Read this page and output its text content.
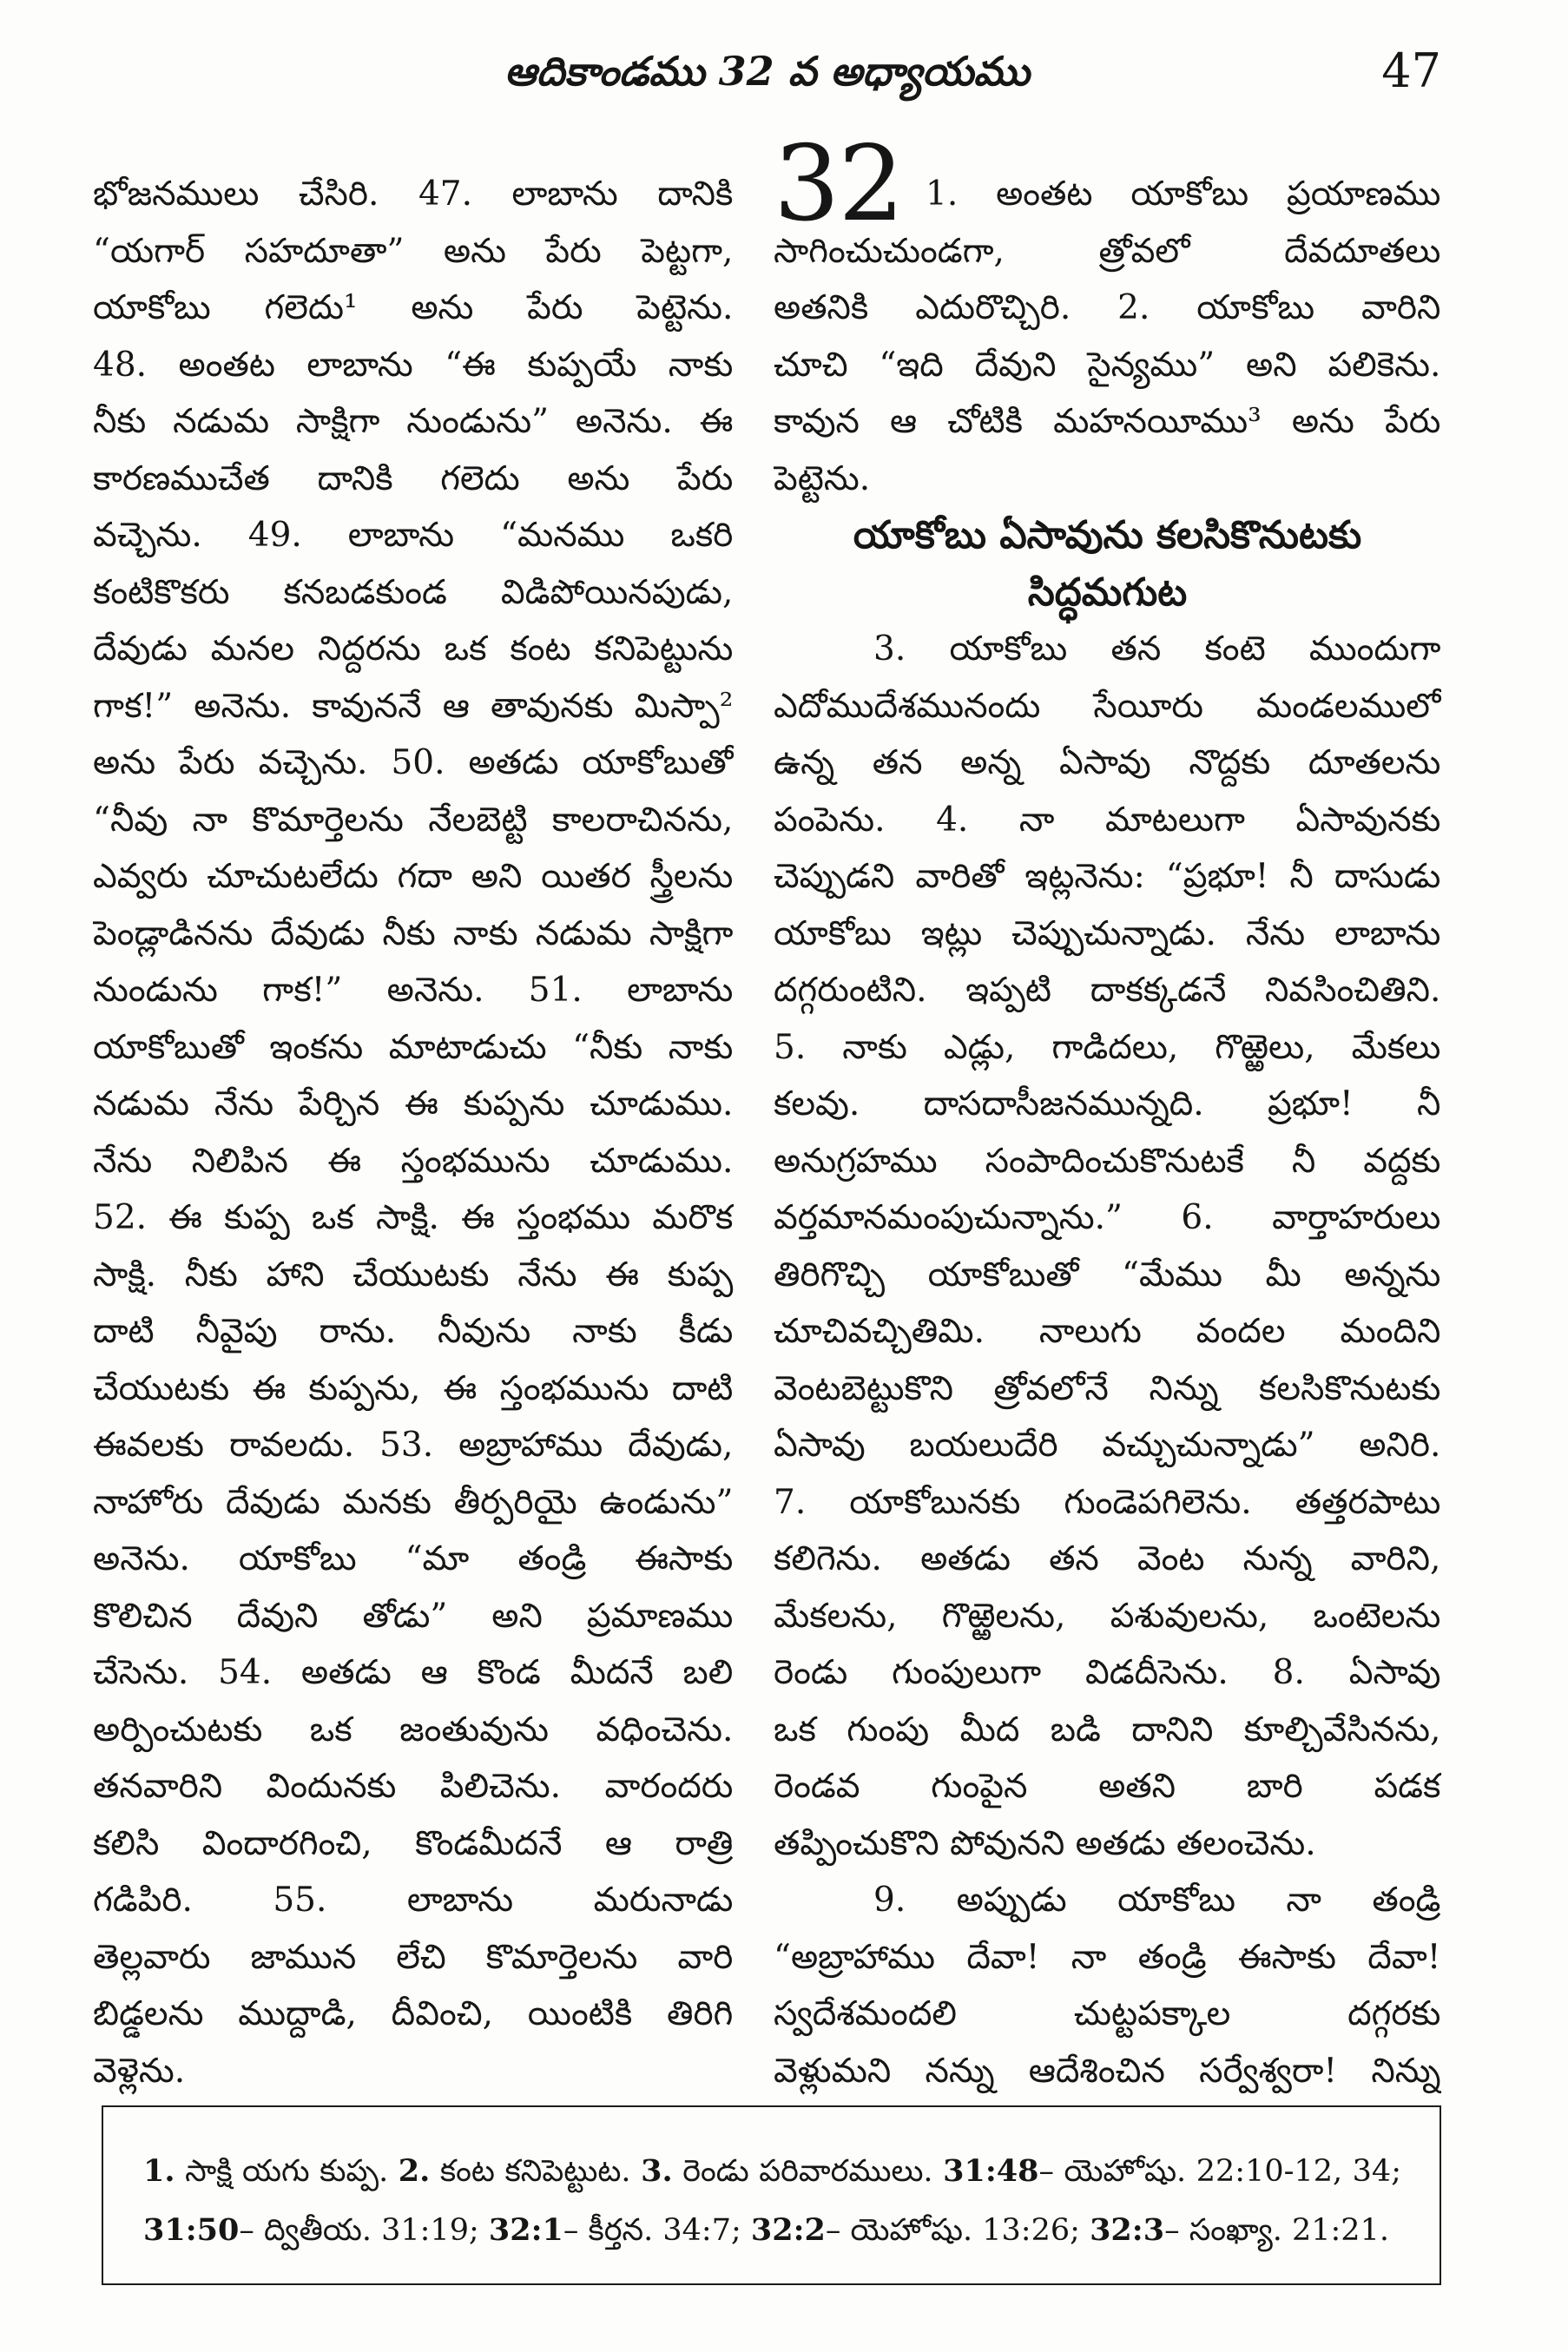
ఆదికాండము 32 వ అధ్యాయము	47
భోజనములు చేసిరి. 47. లాబాను దానికి
“యగార్ సహదూతా” అను పేరు పెట్టగా,
యాకోబు గలెదు¹ అను పేరు పెట్టెను.
48. అంతట లాబాను “ఈ కుప్పయే నాకు
నీకు నడుమ సాక్షిగా నుండును” అనెను. ఈ
కారణముచేత దానికి గలెదు అను పేరు
వచ్చెను. 49. లాబాను “మనము ఒకరి
కంటికొకరు కనబడకుండ విడిపోయినపుడు,
దేవుడు మనల నిద్దరను ఒక కంట కనిపెట్టును
గాక!” అనెను. కావుననే ఆ తావునకు మిస్పా²
అను పేరు వచ్చెను. 50. అతడు యాకోబుతో
“నీవు నా కొమార్తెలను నేలబెట్టి కాలరాచినను,
ఎవ్వరు చూచుటలేదు గదా అని యితర స్త్రీలను
పెండ్లాడినను దేవుడు నీకు నాకు నడుమ సాక్షిగా
నుండును గాక!” అనెను. 51. లాబాను
యాకోబుతో ఇంకను మాటాడుచు “నీకు నాకు
నడుమ నేను పేర్చిన ఈ కుప్పను చూడుము.
నేను నిలిపిన ఈ స్తంభమును చూడుము.
52. ఈ కుప్ప ఒక సాక్షి. ఈ స్తంభము మరొక
సాక్షి. నీకు హాని చేయుటకు నేను ఈ కుప్ప
దాటి నీవైపు రాను. నీవును నాకు కీడు
చేయుటకు ఈ కుప్పను, ఈ స్తంభమును దాటి
ఈవలకు రావలదు. 53. అబ్రాహాము దేవుడు,
నాహోరు దేవుడు మనకు తీర్పరియై ఉండును”
అనెను. యాకోబు “మా తండ్రి ఈసాకు
కొలిచిన దేవుని తోడు” అని ప్రమాణము
చేసెను. 54. అతడు ఆ కొండ మీదనే బలి
అర్పించుటకు ఒక జంతువును వధించెను.
తనవారిని విందునకు పిలిచెను. వారందరు
కలిసి విందారగించి, కొండమీదనే ఆ రాత్రి
గడిపిరి. 55. లాబాను మరునాడు
తెల్లవారు జామున లేచి కొమార్తెలను వారి
బిడ్డలను ముద్దాడి, దీవించి, యింటికి తిరిగి
వెళ్లెను.
32 1. అంతట యాకోబు ప్రయాణము
సాగించుచుండగా, త్రోవలో దేవదూతలు
అతనికి ఎదురొచ్చిరి. 2. యాకోబు వారిని
చూచి “ఇది దేవుని సైన్యము” అని పలికెను.
కావున ఆ చోటికి మహనయీము³ అను పేరు
పెట్టెను.
యాకోబు ఏసావును కలసికొనుటకు
సిద్ధమగుట
3. యాకోబు తన కంటె ముందుగా
ఎదోముదేశమునందు సేయీరు మండలములో
ఉన్న తన అన్న ఏసావు నొద్దకు దూతలను
పంపెను. 4. నా మాటలుగా ఏసావునకు
చెప్పుడని వారితో ఇట్లనెను: “ప్రభూ! నీ దాసుడు
యాకోబు ఇట్లు చెప్పుచున్నాడు. నేను లాబాను
దగ్గరుంటిని. ఇప్పటి దాకక్కడనే నివసించితిని.
5. నాకు ఎడ్లు, గాడిదలు, గొఱ్ఱెలు, మేకలు
కలవు. దాసదాసీజనమున్నది. ప్రభూ! నీ
అనుగ్రహము సంపాదించుకొనుటకే నీ వద్దకు
వర్తమానమంపుచున్నాను.” 6. వార్తాహరులు
తిరిగొచ్చి యాకోబుతో “మేము మీ అన్నను
చూచివచ్చితిమి. నాలుగు వందల మందిని
వెంటబెట్టుకొని త్రోవలోనే నిన్ను కలసికొనుటకు
ఏసావు బయలుదేరి వచ్చుచున్నాడు” అనిరి.
7. యాకోబునకు గుండెపగిలెను. తత్తరపాటు
కలిగెను. అతడు తన వెంట నున్న వారిని,
మేకలను, గొఱ్ఱెలను, పశువులను, ఒంటెలను
రెండు గుంపులుగా విడదీసెను. 8. ఏసావు
ఒక గుంపు మీద బడి దానిని కూల్చివేసినను,
రెండవ గుంపైన అతని బారి పడక
తప్పించుకొని పోవునని అతడు తలంచెను.
9. అప్పుడు యాకోబు నా తండ్రి
“అబ్రాహాము దేవా! నా తండ్రి ఈసాకు దేవా!
స్వదేశమందలి చుట్టపక్కాల దగ్గరకు
వెళ్లుమని నన్ను ఆదేశించిన సర్వేశ్వరా! నిన్ను

1. సాక్షి యగు కుప్ప. 2. కంట కనిపెట్టుట. 3. రెండు పరివారములు. 31:48– యెహోషు. 22:10-12, 34; 31:50– ద్వితీయ. 31:19; 32:1– కీర్తన. 34:7; 32:2– యెహోషు. 13:26; 32:3– సంఖ్యా. 21:21.
